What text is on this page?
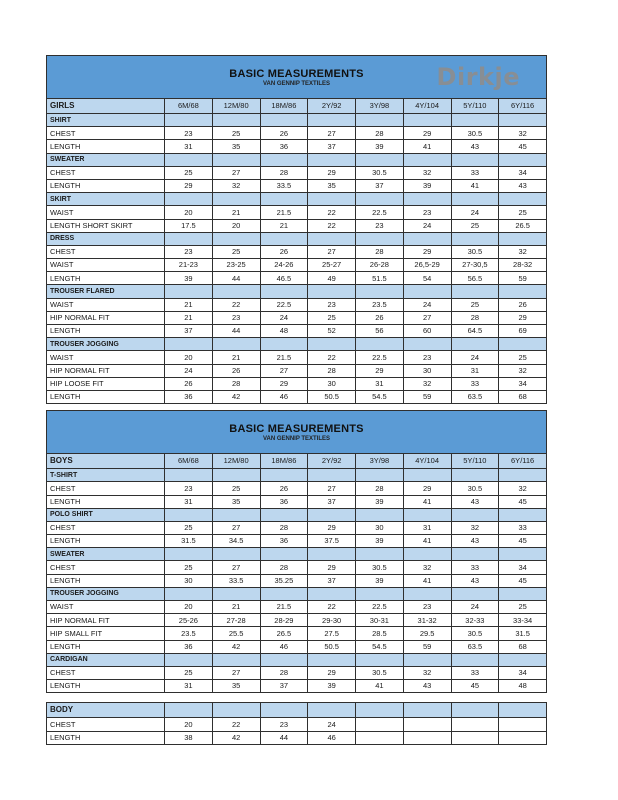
BASIC MEASUREMENTS
VAN GENNIP TEXTILES	Dirkje
GIRLS	6M/68	12M/80	18M/86	2Y/92	3Y/98	4Y/104	5Y/110	6Y/116
SHIRT								
CHEST	23	25	26	27	28	29	30.5	32
LENGTH	31	35	36	37	39	41	43	45
SWEATER								
CHEST	25	27	28	29	30.5	32	33	34
LENGTH	29	32	33.5	35	37	39	41	43
SKIRT								
WAIST	20	21	21.5	22	22.5	23	24	25
LENGTH SHORT SKIRT	17.5	20	21	22	23	24	25	26.5
DRESS								
CHEST	23	25	26	27	28	29	30.5	32
WAIST	21-23	23-25	24-26	25-27	26-28	26,5-29	27-30,5	28-32
LENGTH	39	44	46.5	49	51.5	54	56.5	59
TROUSER FLARED								
WAIST	21	22	22.5	23	23.5	24	25	26
HIP NORMAL FIT	21	23	24	25	26	27	28	29
LENGTH	37	44	48	52	56	60	64.5	69
TROUSER JOGGING								
WAIST	20	21	21.5	22	22.5	23	24	25
HIP NORMAL FIT	24	26	27	28	29	30	31	32
HIP LOOSE FIT	26	28	29	30	31	32	33	34
LENGTH	36	42	46	50.5	54.5	59	63.5	68
BASIC MEASUREMENTS
VAN GENNIP TEXTILES
BOYS	6M/68	12M/80	18M/86	2Y/92	3Y/98	4Y/104	5Y/110	6Y/116
T-SHIRT								
CHEST	23	25	26	27	28	29	30.5	32
LENGTH	31	35	36	37	39	41	43	45
POLO SHIRT								
CHEST	25	27	28	29	30	31	32	33
LENGTH	31.5	34.5	36	37.5	39	41	43	45
SWEATER								
CHEST	25	27	28	29	30.5	32	33	34
LENGTH	30	33.5	35.25	37	39	41	43	45
TROUSER JOGGING								
WAIST	20	21	21.5	22	22.5	23	24	25
HIP NORMAL FIT	25-26	27-28	28-29	29-30	30-31	31-32	32-33	33-34
HIP SMALL FIT	23.5	25.5	26.5	27.5	28.5	29.5	30.5	31.5
LENGTH	36	42	46	50.5	54.5	59	63.5	68
CARDIGAN								
CHEST	25	27	28	29	30.5	32	33	34
LENGTH	31	35	37	39	41	43	45	48
BODY								
CHEST	20	22	23	24				
LENGTH	38	42	44	46				
